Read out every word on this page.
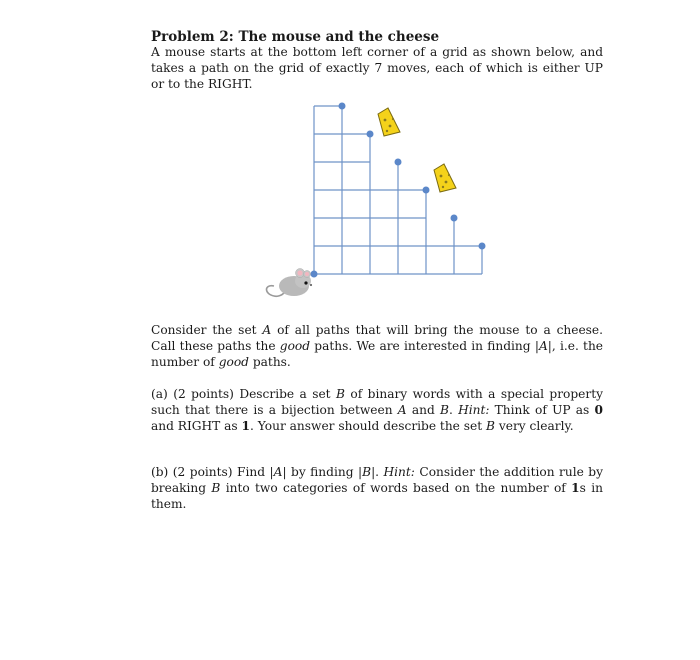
Problem 2: The mouse and the cheese
A mouse starts at the bottom left corner of a grid as shown below, and takes a path on the grid of exactly 7 moves, each of which is either UP or to the RIGHT.
Consider the set A of all paths that will bring the mouse to a cheese. Call these paths the good paths. We are interested in finding |A|, i.e. the number of good paths.
(a) (2 points) Describe a set B of binary words with a special property such that there is a bijection between A and B. Hint: Think of UP as 0 and RIGHT as 1. Your answer should describe the set B very clearly.
(b) (2 points) Find |A| by finding |B|. Hint: Consider the addition rule by breaking B into two categories of words based on the number of 1s in them.
